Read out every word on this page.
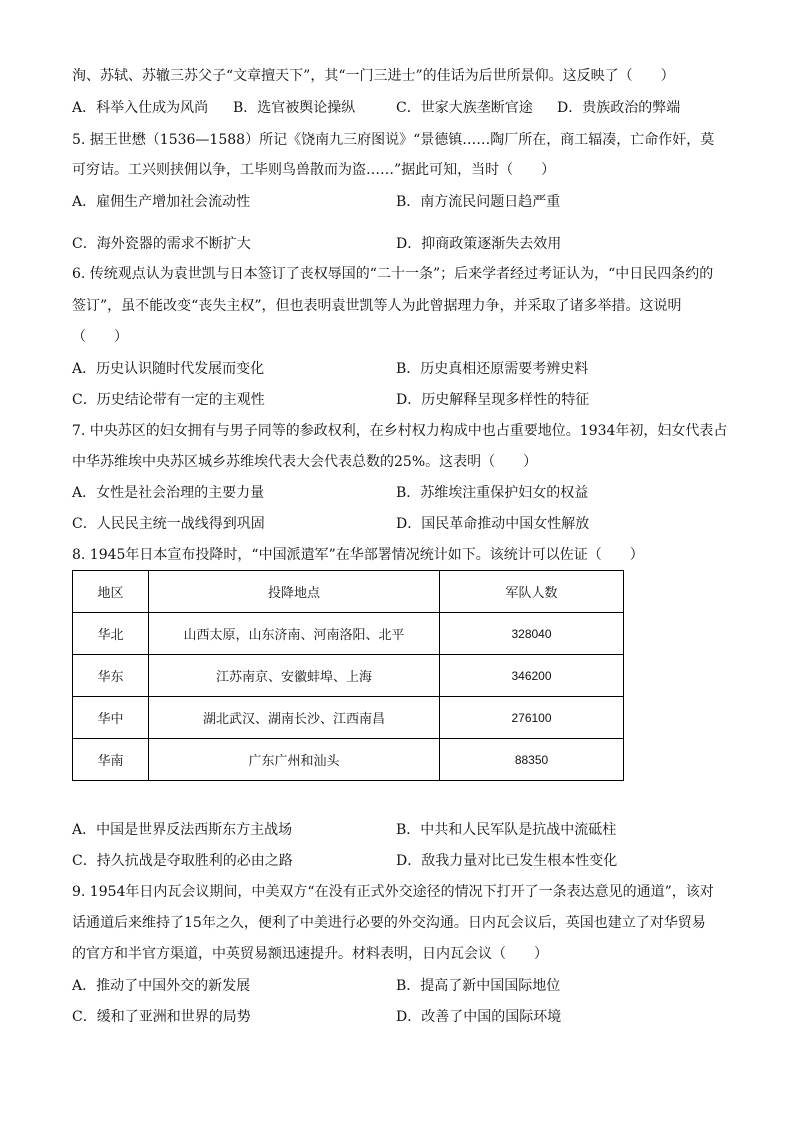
洵、苏轼、苏辙三苏父子“文章擅天下”，其“一门三进士”的佳话为后世所景仰。这反映了（　　）
A．科举入仕成为风尚 B．选官被舆论操纵	C．世家大族垄断官途 D．贵族政治的弊端
5. 据王世懋（1536—1588）所记《饶南九三府图说》“景德镇……陶厂所在，商工辐凑，亡命作奸，莫
可穷诘。工兴则挟佣以争，工毕则鸟兽散而为盗……”据此可知，当时（　　）
A．雇佣生产增加社会流动性	B．南方流民问题日趋严重
C．海外瓷器的需求不断扩大	D．抑商政策逐渐失去效用
6. 传统观点认为袁世凯与日本签订了丧权辱国的“二十一条”；后来学者经过考证认为，“中日民四条约的
签订”，虽不能改变“丧失主权”，但也表明袁世凯等人为此曾据理力争，并采取了诸多举措。这说明
（　　）
A．历史认识随时代发展而变化	B．历史真相还原需要考辨史料
C．历史结论带有一定的主观性	D．历史解释呈现多样性的特征
7. 中央苏区的妇女拥有与男子同等的参政权利，在乡村权力构成中也占重要地位。1934年初，妇女代表占
中华苏维埃中央苏区城乡苏维埃代表大会代表总数的25%。这表明（　　）
A．女性是社会治理的主要力量	B．苏维埃注重保护妇女的权益
C．人民民主统一战线得到巩固	D．国民革命推动中国女性解放
8. 1945年日本宣布投降时，“中国派遣军”在华部署情况统计如下。该统计可以佐证（　　）
地区	投降地点	军队人数
华北	山西太原，山东济南、河南洛阳、北平	328040
华东	江苏南京、安徽蚌埠、上海	346200
华中	湖北武汉、湖南长沙、江西南昌	276100
华南	广东广州和汕头	88350
A．中国是世界反法西斯东方主战场	B．中共和人民军队是抗战中流砥柱
C．持久抗战是夺取胜利的必由之路	D．敌我力量对比已发生根本性变化
9. 1954年日内瓦会议期间，中美双方“在没有正式外交途径的情况下打开了一条表达意见的通道”，该对
话通道后来维持了15年之久，便利了中美进行必要的外交沟通。日内瓦会议后，英国也建立了对华贸易
的官方和半官方渠道，中英贸易额迅速提升。材料表明，日内瓦会议（　　）
A．推动了中国外交的新发展	B．提高了新中国国际地位
C．缓和了亚洲和世界的局势	D．改善了中国的国际环境
